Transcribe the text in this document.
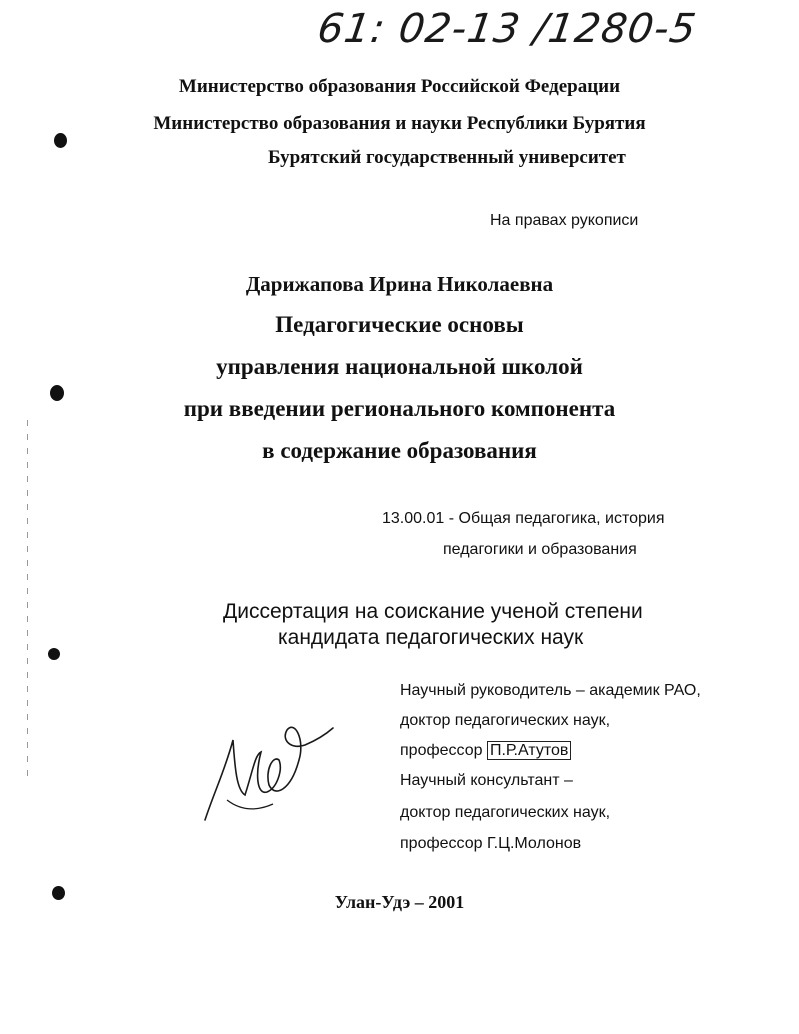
61: 02-13 /1280-5
Министерство образования Российской Федерации
Министерство образования и науки Республики Бурятия
Бурятский государственный университет
На правах рукописи
Дарижапова Ирина Николаевна
Педагогические основы
управления национальной школой
при введении регионального компонента
в содержание образования
13.00.01 - Общая педагогика, история
педагогики и образования
Диссертация на соискание ученой степени
кандидата педагогических наук
Научный руководитель – академик РАО,
доктор педагогических наук,
профессор П.Р.Атутов
Научный консультант –
доктор педагогических наук,
профессор Г.Ц.Молонов
Улан-Удэ – 2001
